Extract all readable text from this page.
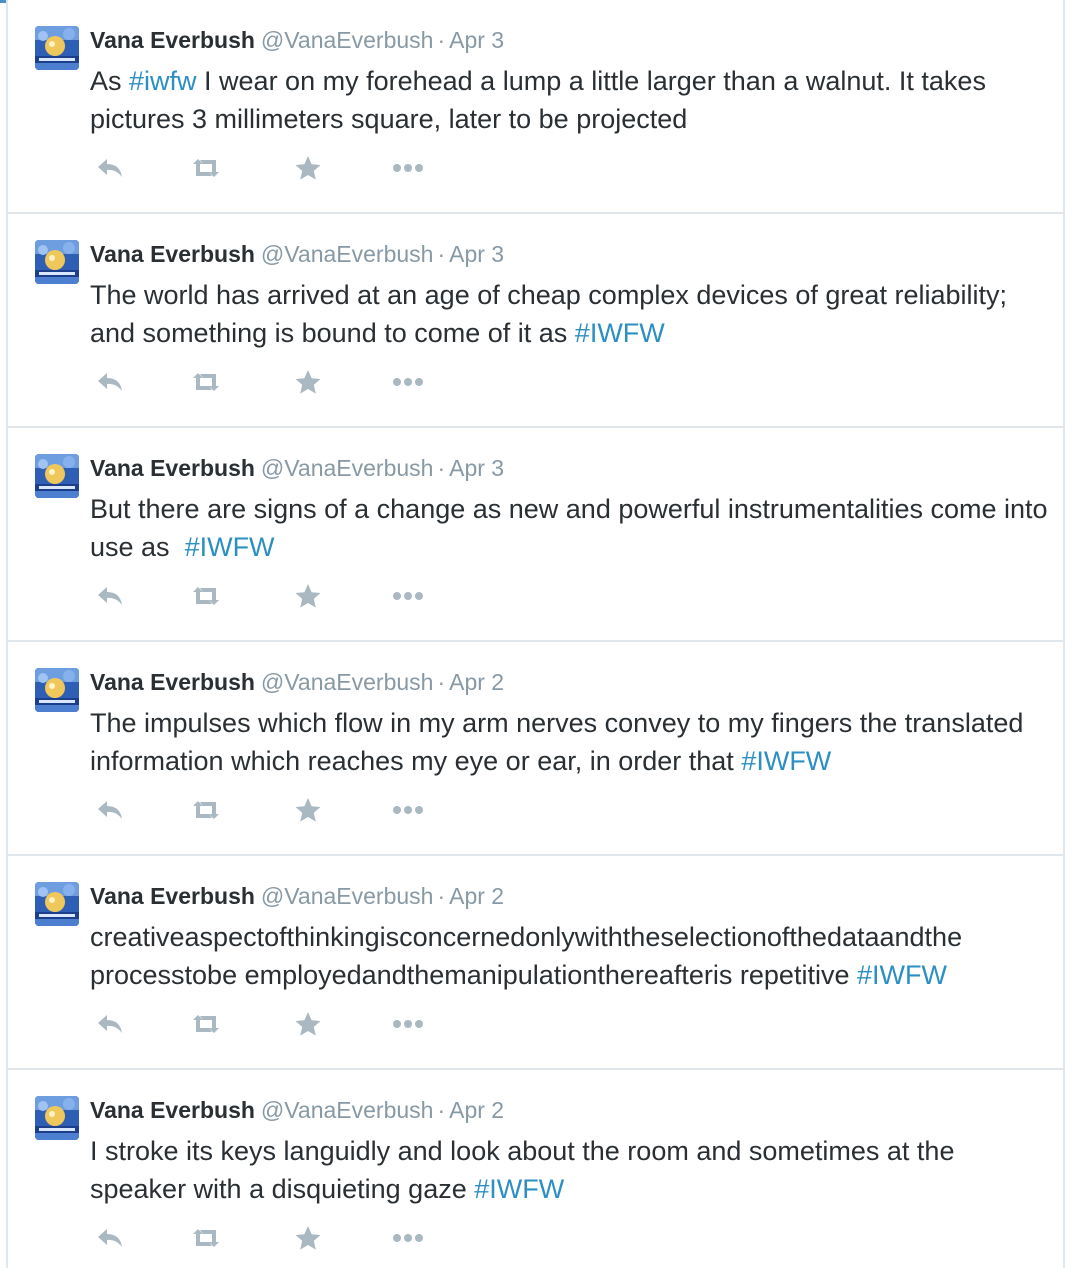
Vana Everbush @VanaEverbush · Apr 3
As #iwfw I wear on my forehead a lump a little larger than a walnut. It takes pictures 3 millimeters square, later to be projected
Vana Everbush @VanaEverbush · Apr 3
The world has arrived at an age of cheap complex devices of great reliability; and something is bound to come of it as #IWFW
Vana Everbush @VanaEverbush · Apr 3
But there are signs of a change as new and powerful instrumentalities come into use as  #IWFW
Vana Everbush @VanaEverbush · Apr 2
The impulses which flow in my arm nerves convey to my fingers the translated information which reaches my eye or ear, in order that #IWFW
Vana Everbush @VanaEverbush · Apr 2
creativeaspectofthinkingisconcernedonlywiththeselectionofthedataandthe processtobe employedandthemanipulationthereafteris repetitive #IWFW
Vana Everbush @VanaEverbush · Apr 2
I stroke its keys languidly and look about the room and sometimes at the speaker with a disquieting gaze #IWFW
